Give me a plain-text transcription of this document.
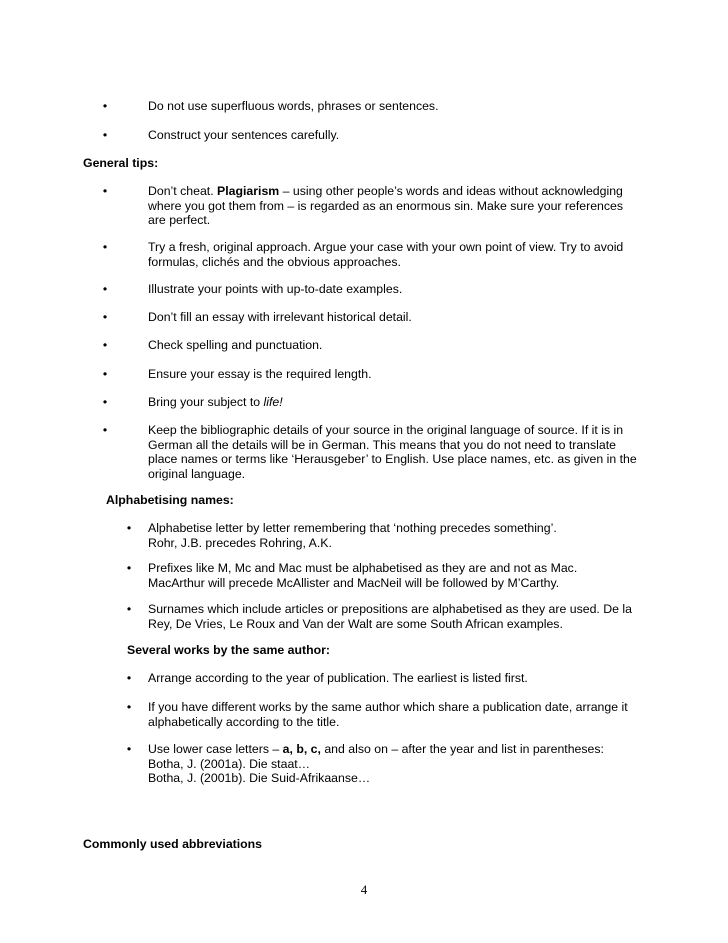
•	Do not use superfluous words, phrases or sentences.
•	Construct your sentences carefully.
General tips:
•	Don’t cheat. Plagiarism – using other people’s words and ideas without acknowledging where you got them from – is regarded as an enormous sin. Make sure your references are perfect.
•	Try a fresh, original approach. Argue your case with your own point of view. Try to avoid formulas, clichés and the obvious approaches.
•	Illustrate your points with up-to-date examples.
•	Don’t fill an essay with irrelevant historical detail.
•	Check spelling and punctuation.
•	Ensure your essay is the required length.
•	Bring your subject to life!
•	Keep the bibliographic details of your source in the original language of source. If it is in German all the details will be in German. This means that you do not need to translate place names or terms like ‘Herausgeber’ to English. Use place names, etc. as given in the original language.
Alphabetising names:
• Alphabetise letter by letter remembering that ‘nothing precedes something’.
Rohr, J.B. precedes Rohring, A.K.
• Prefixes like M, Mc and Mac must be alphabetised as they are and not as Mac.
MacArthur will precede McAllister and MacNeil will be followed by M’Carthy.
• Surnames which include articles or prepositions are alphabetised as they are used. De la Rey, De Vries, Le Roux and Van der Walt are some South African examples.
Several works by the same author:
• Arrange according to the year of publication. The earliest is listed first.
• If you have different works by the same author which share a publication date, arrange it alphabetically according to the title.
• Use lower case letters – a, b, c, and also on – after the year and list in parentheses:
Botha, J. (2001a). Die staat…
Botha, J. (2001b). Die Suid-Afrikaanse…
Commonly used abbreviations
4
